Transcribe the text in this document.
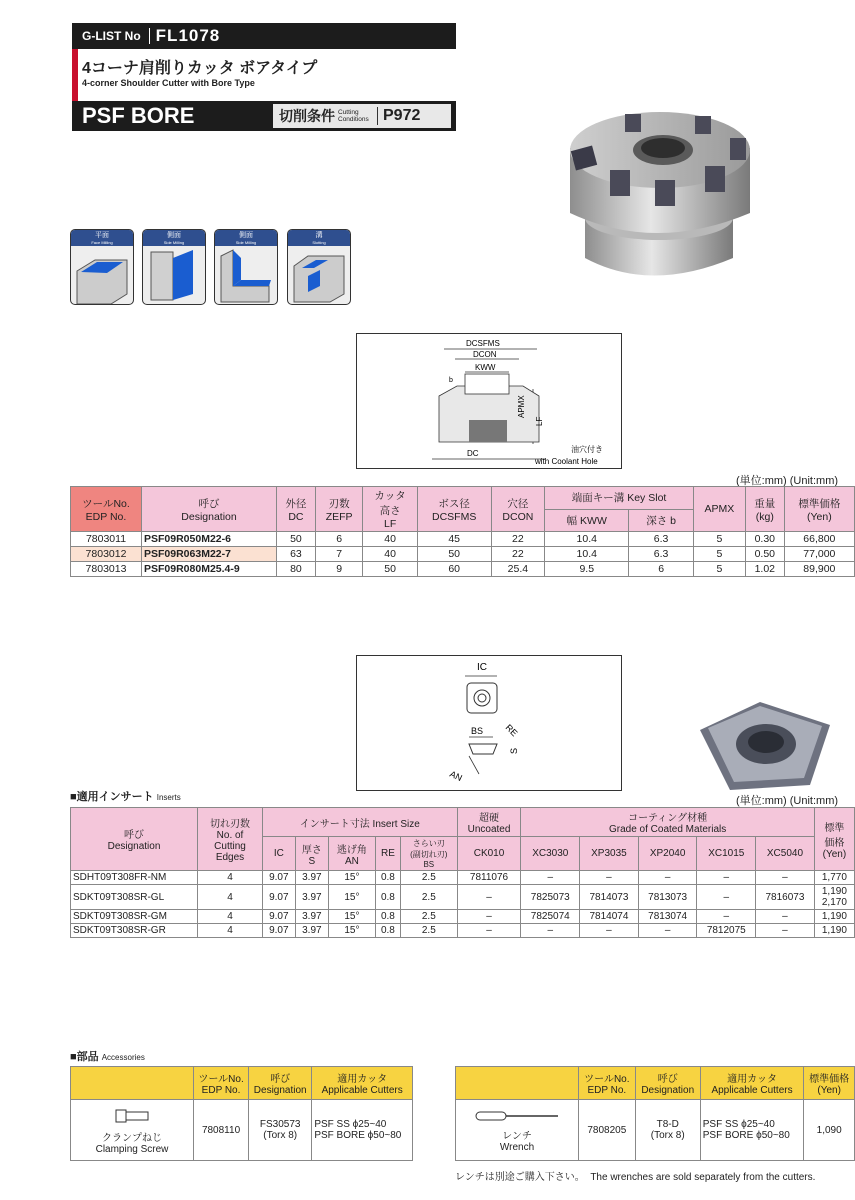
G-LIST No FL1078
4コーナ肩削りカッタ ボアタイプ
4-corner Shoulder Cutter with Bore Type
PSF BORE	切削条件 Cutting
Conditions P972
平面
Face Milling
側面
Side Milling
側面
Side Milling
溝
Slotting
DCSFMS
DCON
KWW
b
APMX
LF
DC	油穴付き
with Coolant Hole
(単位:mm) (Unit:mm)
ツールNo.
EDP No.	呼び
Designation	外径
DC	刃数
ZEFP	カッタ
高さ
LF	ボス径
DCSFMS	穴径
DCON	端面キー溝 Key Slot		APMX	重量
(kg)	標準価格
(Yen)
							幅 KWW	深さ b			
7803011	PSF09R050M22-6	50	6	40	45	22	10.4	6.3	5	0.30	66,800
7803012	PSF09R063M22-7	63	7	40	50	22	10.4	6.3	5	0.50	77,000
7803013	PSF09R080M25.4-9	80	9	50	60	25.4	9.5	6	5	1.02	89,900
IC
RE
BS
S
AN
■適用インサート Inserts	(単位:mm) (Unit:mm)
呼び
Designation	切れ刃数
No. of
Cutting
Edges	インサート寸法 Insert Size					超硬
Uncoated	コーティング材種
Grade of Coated Materials					標準
価格
(Yen)
		IC	厚さ
S	逃げ角
AN	RE	さらい刃
(副切れ刃)
BS		XC3030	XP3035	XP2040	XC1015	XC5040	
							CK010						
SDHT09T308FR-NM	4	9.07	3.97	15°	0.8	2.5	7811076	–	–	–	–	–	1,770
SDKT09T308SR-GL	4	9.07	3.97	15°	0.8	2.5	–	7825073	7814073	7813073	–	7816073	1,190
2,170
SDKT09T308SR-GM	4	9.07	3.97	15°	0.8	2.5	–	7825074	7814074	7813074	–	–	1,190
SDKT09T308SR-GR	4	9.07	3.97	15°	0.8	2.5	–	–	–	–	7812075	–	1,190
■部品 Accessories
	ツールNo.
EDP No.	呼び
Designation	適用カッタ
Applicable Cutters

クランプねじ
Clamping Screw	7808110	FS30573
(Torx 8)	PSF SS ϕ25~40
PSF BORE ϕ50~80
	ツールNo.
EDP No.	呼び
Designation	適用カッタ
Applicable Cutters	標準価格
(Yen)

レンチ
Wrench	7808205	T8-D
(Torx 8)	PSF SS ϕ25~40
PSF BORE ϕ50~80	1,090
レンチは別途ご購入下さい。 The wrenches are sold separately from the cutters.
